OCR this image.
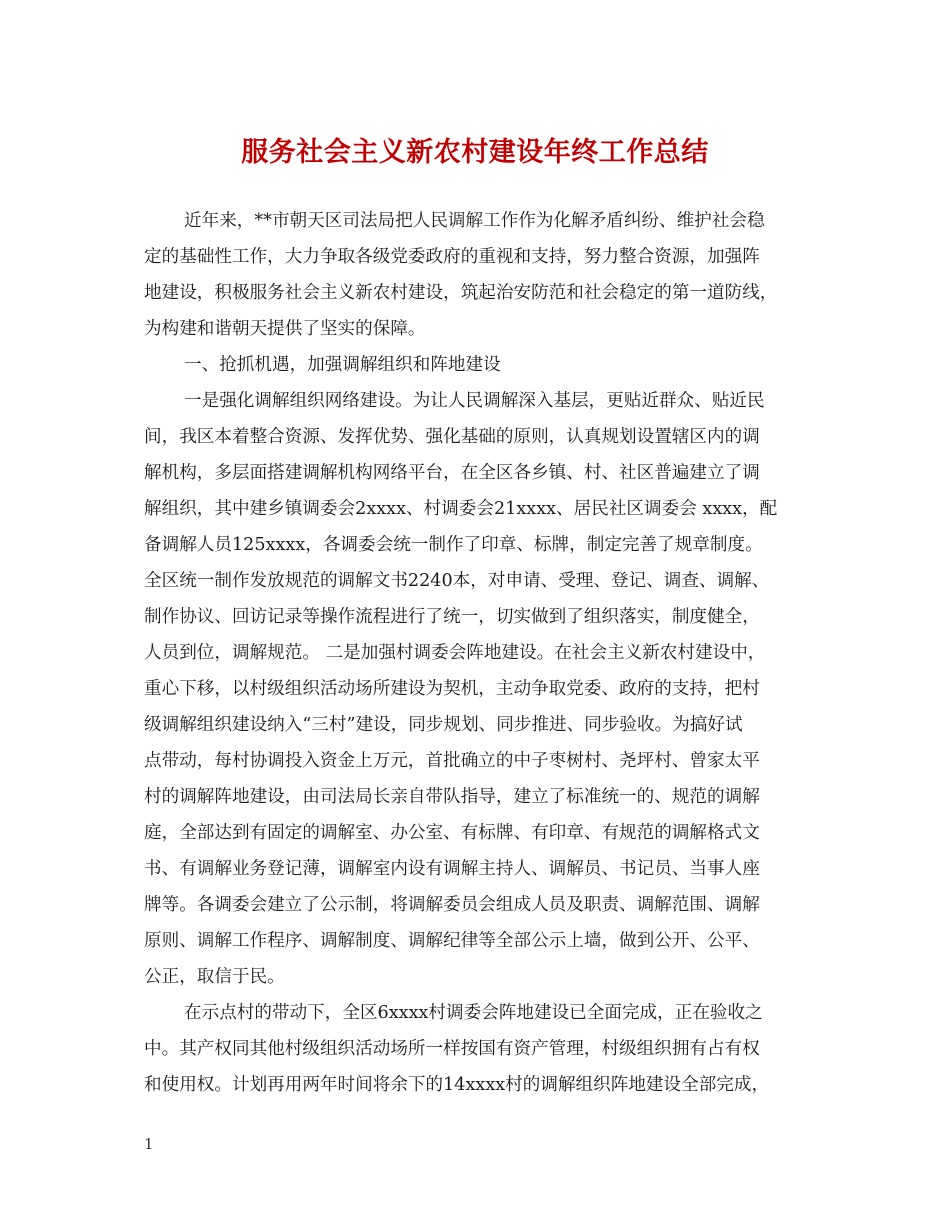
服务社会主义新农村建设年终工作总结
近年来，**市朝天区司法局把人民调解工作作为化解矛盾纠纷、维护社会稳
定的基础性工作，大力争取各级党委政府的重视和支持，努力整合资源，加强阵
地建设，积极服务社会主义新农村建设，筑起治安防范和社会稳定的第一道防线，
为构建和谐朝天提供了坚实的保障。
一、抢抓机遇，加强调解组织和阵地建设
一是强化调解组织网络建设。为让人民调解深入基层，更贴近群众、贴近民
间，我区本着整合资源、发挥优势、强化基础的原则，认真规划设置辖区内的调
解机构，多层面搭建调解机构网络平台，在全区各乡镇、村、社区普遍建立了调
解组织，其中建乡镇调委会2xxxx、村调委会21xxxx、居民社区调委会 xxxx，配
备调解人员125xxxx，各调委会统一制作了印章、标牌，制定完善了规章制度。
全区统一制作发放规范的调解文书2240本，对申请、受理、登记、调查、调解、
制作协议、回访记录等操作流程进行了统一，切实做到了组织落实，制度健全，
人员到位，调解规范。 二是加强村调委会阵地建设。在社会主义新农村建设中，
重心下移，以村级组织活动场所建设为契机，主动争取党委、政府的支持，把村
级调解组织建设纳入“三村”建设，同步规划、同步推进、同步验收。为搞好试
点带动，每村协调投入资金上万元，首批确立的中子枣树村、尧坪村、曾家太平
村的调解阵地建设，由司法局长亲自带队指导，建立了标准统一的、规范的调解
庭，全部达到有固定的调解室、办公室、有标牌、有印章、有规范的调解格式文
书、有调解业务登记薄，调解室内设有调解主持人、调解员、书记员、当事人座
牌等。各调委会建立了公示制，将调解委员会组成人员及职责、调解范围、调解
原则、调解工作程序、调解制度、调解纪律等全部公示上墙，做到公开、公平、
公正，取信于民。
在示点村的带动下，全区6xxxx村调委会阵地建设已全面完成，正在验收之
中。其产权同其他村级组织活动场所一样按国有资产管理，村级组织拥有占有权
和使用权。计划再用两年时间将余下的14xxxx村的调解组织阵地建设全部完成，
1
